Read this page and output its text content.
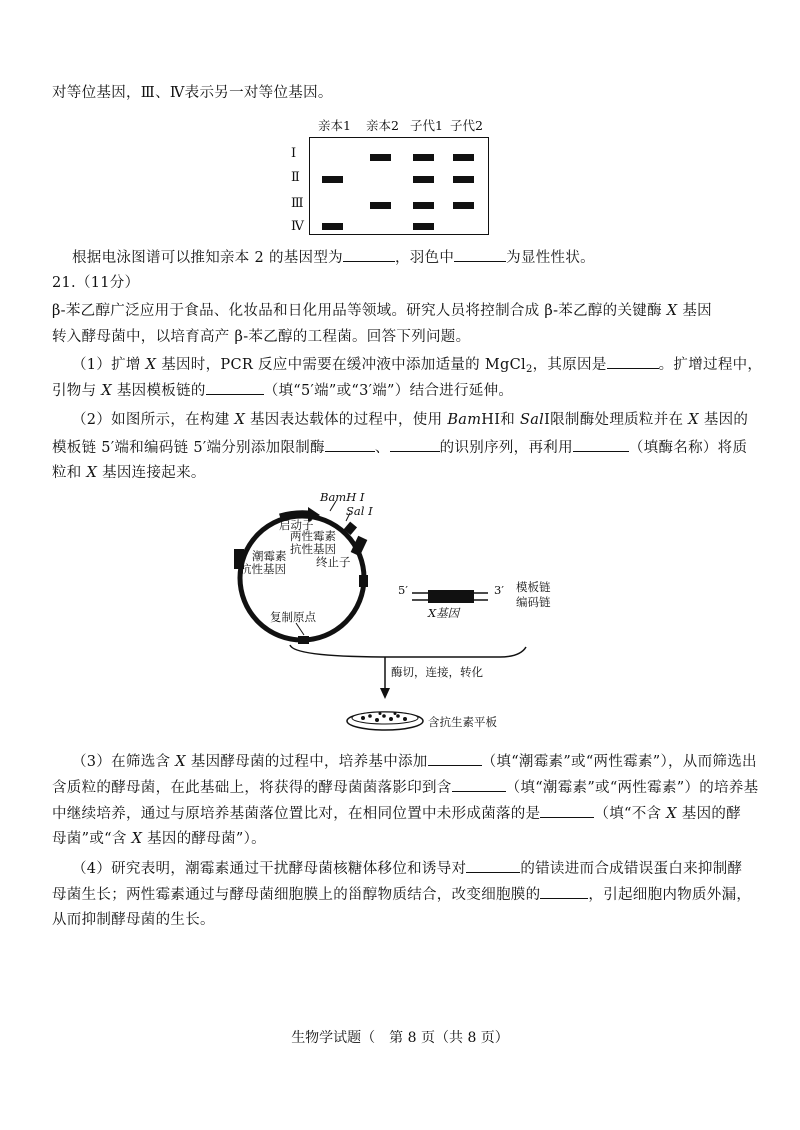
对等位基因，Ⅲ、Ⅳ表示另一对等位基因。
亲本1 亲本2 子代1 子代2
Ⅰ
Ⅱ
Ⅲ
Ⅳ
根据电泳图谱可以推知亲本 2 的基因型为	，羽色中	为显性性状。
21.（11分）
β-苯乙醇广泛应用于食品、化妆品和日化用品等领域。研究人员将控制合成 β-苯乙醇的关键酶 X 基因
转入酵母菌中，以培育高产 β-苯乙醇的工程菌。回答下列问题。
（1）扩增 X 基因时，PCR 反应中需要在缓冲液中添加适量的 MgCl$_2$，其原因是	。扩增过程中，
引物与 X 基因模板链的	（填“5′端”或“3′端”）结合进行延伸。
（2）如图所示，在构建 X 基因表达载体的过程中，使用 BamHⅠ和 SalⅠ限制酶处理质粒并在 X 基因的
模板链 5′端和编码链 5′端分别添加限制酶	、	的识别序列，再利用	（填酶名称）将质
粒和 X 基因连接起来。
BamH Ⅰ
Sal Ⅰ
启动子
两性霉素
抗性基因
潮霉素
抗性基因	终止子
复制原点
5′	3′ 模板链
编码链
X基因
酶切，连接，转化
含抗生素平板
（3）在筛选含 X 基因酵母菌的过程中，培养基中添加	（填“潮霉素”或“两性霉素”），从而筛选出
含质粒的酵母菌，在此基础上，将获得的酵母菌菌落影印到含	（填“潮霉素”或“两性霉素”）的培养基
中继续培养，通过与原培养基菌落位置比对，在相同位置中未形成菌落的是	（填“不含 X 基因的酵
母菌”或“含 X 基因的酵母菌”）。
（4）研究表明，潮霉素通过干扰酵母菌核糖体移位和诱导对	的错读进而合成错误蛋白来抑制酵
母菌生长；两性霉素通过与酵母菌细胞膜上的甾醇物质结合，改变细胞膜的	，引起细胞内物质外漏，
从而抑制酵母菌的生长。
生物学试题（　第 8 页（共 8 页）
